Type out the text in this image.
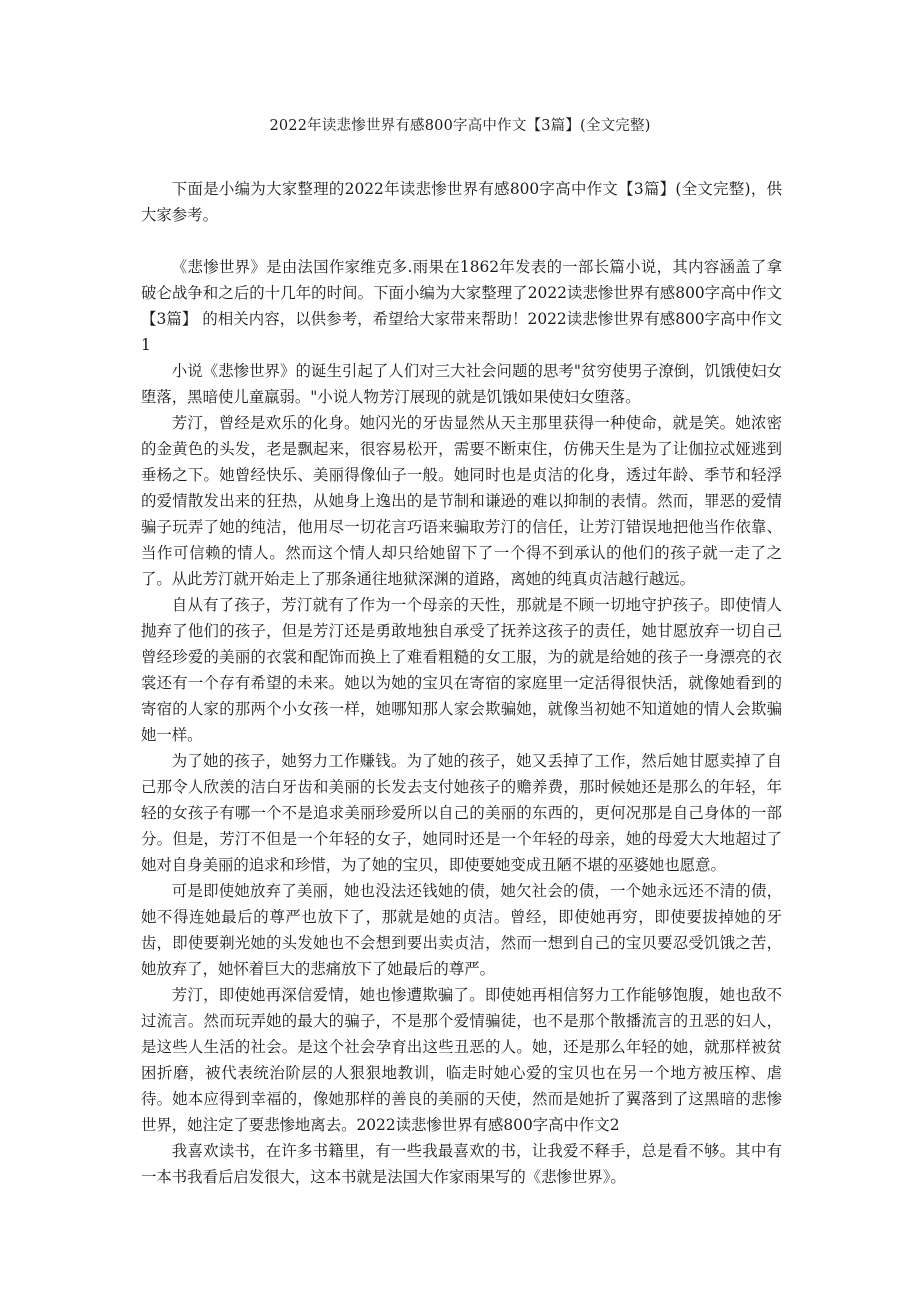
2022年读悲惨世界有感800字高中作文【3篇】(全文完整)

下面是小编为大家整理的2022年读悲惨世界有感800字高中作文【3篇】(全文完整)，供大家参考。

《悲惨世界》是由法国作家维克多.雨果在1862年发表的一部长篇小说，其内容涵盖了拿破仑战争和之后的十几年的时间。下面小编为大家整理了2022读悲惨世界有感800字高中作文【3篇】 的相关内容，以供参考，希望给大家带来帮助！2022读悲惨世界有感800字高中作文1

小说《悲惨世界》的诞生引起了人们对三大社会问题的思考"贫穷使男子潦倒，饥饿使妇女堕落，黑暗使儿童羸弱。"小说人物芳汀展现的就是饥饿如果使妇女堕落。

芳汀，曾经是欢乐的化身。她闪光的牙齿显然从天主那里获得一种使命，就是笑。她浓密的金黄色的头发，老是飘起来，很容易松开，需要不断束住，仿佛天生是为了让伽拉忒娅逃到垂杨之下。她曾经快乐、美丽得像仙子一般。她同时也是贞洁的化身，透过年龄、季节和轻浮的爱情散发出来的狂热，从她身上逸出的是节制和谦逊的难以抑制的表情。然而，罪恶的爱情骗子玩弄了她的纯洁，他用尽一切花言巧语来骗取芳汀的信任，让芳汀错误地把他当作依靠、当作可信赖的情人。然而这个情人却只给她留下了一个得不到承认的他们的孩子就一走了之了。从此芳汀就开始走上了那条通往地狱深渊的道路，离她的纯真贞洁越行越远。

自从有了孩子，芳汀就有了作为一个母亲的天性，那就是不顾一切地守护孩子。即使情人抛弃了他们的孩子，但是芳汀还是勇敢地独自承受了抚养这孩子的责任，她甘愿放弃一切自己曾经珍爱的美丽的衣裳和配饰而换上了难看粗糙的女工服，为的就是给她的孩子一身漂亮的衣裳还有一个存有希望的未来。她以为她的宝贝在寄宿的家庭里一定活得很快活，就像她看到的寄宿的人家的那两个小女孩一样，她哪知那人家会欺骗她，就像当初她不知道她的情人会欺骗她一样。

为了她的孩子，她努力工作赚钱。为了她的孩子，她又丢掉了工作，然后她甘愿卖掉了自己那令人欣羡的洁白牙齿和美丽的长发去支付她孩子的赡养费，那时候她还是那么的年轻，年轻的女孩子有哪一个不是追求美丽珍爱所以自己的美丽的东西的，更何况那是自己身体的一部分。但是，芳汀不但是一个年轻的女子，她同时还是一个年轻的母亲，她的母爱大大地超过了她对自身美丽的追求和珍惜，为了她的宝贝，即使要她变成丑陋不堪的巫婆她也愿意。

可是即使她放弃了美丽，她也没法还钱她的债，她欠社会的债，一个她永远还不清的债，她不得连她最后的尊严也放下了，那就是她的贞洁。曾经，即使她再穷，即使要拔掉她的牙齿，即使要剃光她的头发她也不会想到要出卖贞洁，然而一想到自己的宝贝要忍受饥饿之苦，她放弃了，她怀着巨大的悲痛放下了她最后的尊严。

芳汀，即使她再深信爱情，她也惨遭欺骗了。即使她再相信努力工作能够饱腹，她也敌不过流言。然而玩弄她的最大的骗子，不是那个爱情骗徒，也不是那个散播流言的丑恶的妇人，是这些人生活的社会。是这个社会孕育出这些丑恶的人。她，还是那么年轻的她，就那样被贫困折磨，被代表统治阶层的人狠狠地教训，临走时她心爱的宝贝也在另一个地方被压榨、虐待。她本应得到幸福的，像她那样的善良的美丽的天使，然而是她折了翼落到了这黑暗的悲惨世界，她注定了要悲惨地离去。2022读悲惨世界有感800字高中作文2

我喜欢读书，在许多书籍里，有一些我最喜欢的书，让我爱不释手，总是看不够。其中有一本书我看后启发很大，这本书就是法国大作家雨果写的《悲惨世界》。
